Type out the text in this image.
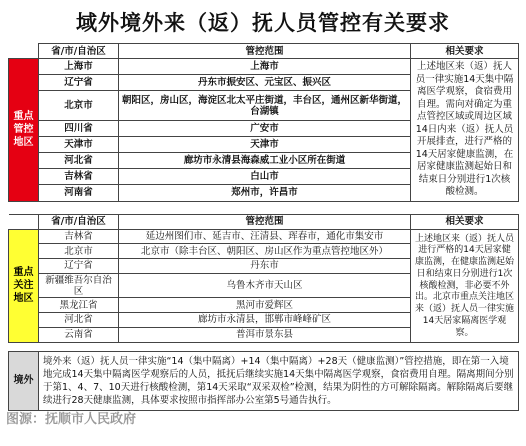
域外境外来（返）抚人员管控有关要求
	省/市/自治区	管控范围	相关要求
重点管控地区	上海市	上海市	上述地区来（返）抚人员一律实施14天集中隔离医学观察，食宿费用自理。需向对确定为重点管控区域或周边区域14日内来（返）抚人员开展排查，进行严格的14天居家健康监测，在居家健康监测起始日和结束日分别进行1次核酸检测。
	辽宁省	丹东市振安区、元宝区、振兴区	
	北京市	朝阳区，房山区，海淀区北太平庄街道，丰台区，通州区新华街道，台湖镇	
	四川省	广安市	
	天津市	天津市	
	河北省	廊坊市永清县海森威工业小区所在街道	
	吉林省	白山市	
	河南省	郑州市，许昌市	

	省/市/自治区	管控范围	相关要求
重点关注地区	吉林省	延边州图们市、延吉市、汪清县、珲春市，通化市集安市	上述地区来（返）抚人员进行严格的14天居家健康监测，在健康监测起始日和结束日分别进行1次核酸检测，非必要不外出。北京市重点关注地区来（返）抚人员一律实施14天居家隔离医学观察。
	北京市	北京市（除丰台区、朝阳区、房山区作为重点管控地区外）	
	辽宁省	丹东市	
	新疆维吾尔自治区	乌鲁木齐市天山区	
	黑龙江省	黑河市爱辉区	
	河北省	廊坊市永清县，邯郸市峰峰矿区	
	云南省	普洱市景东县	

境外	境外来（返）抚人员一律实施“14（集中隔离）+14（集中隔离）+28天（健康监测）”管控措施，即在第一入境地完成14天集中隔离医学观察后的人员，抵抚后继续实施14天集中隔离医学观察，食宿费用自理。隔离期间分别于第1、4、7、10天进行核酸检测，第14天采取“双采双检”检测，结果为阴性的方可解除隔离。解除隔离后要继续进行28天健康监测，具体要求按照市指挥部办公室第5号通告执行。		
图源：抚顺市人民政府
